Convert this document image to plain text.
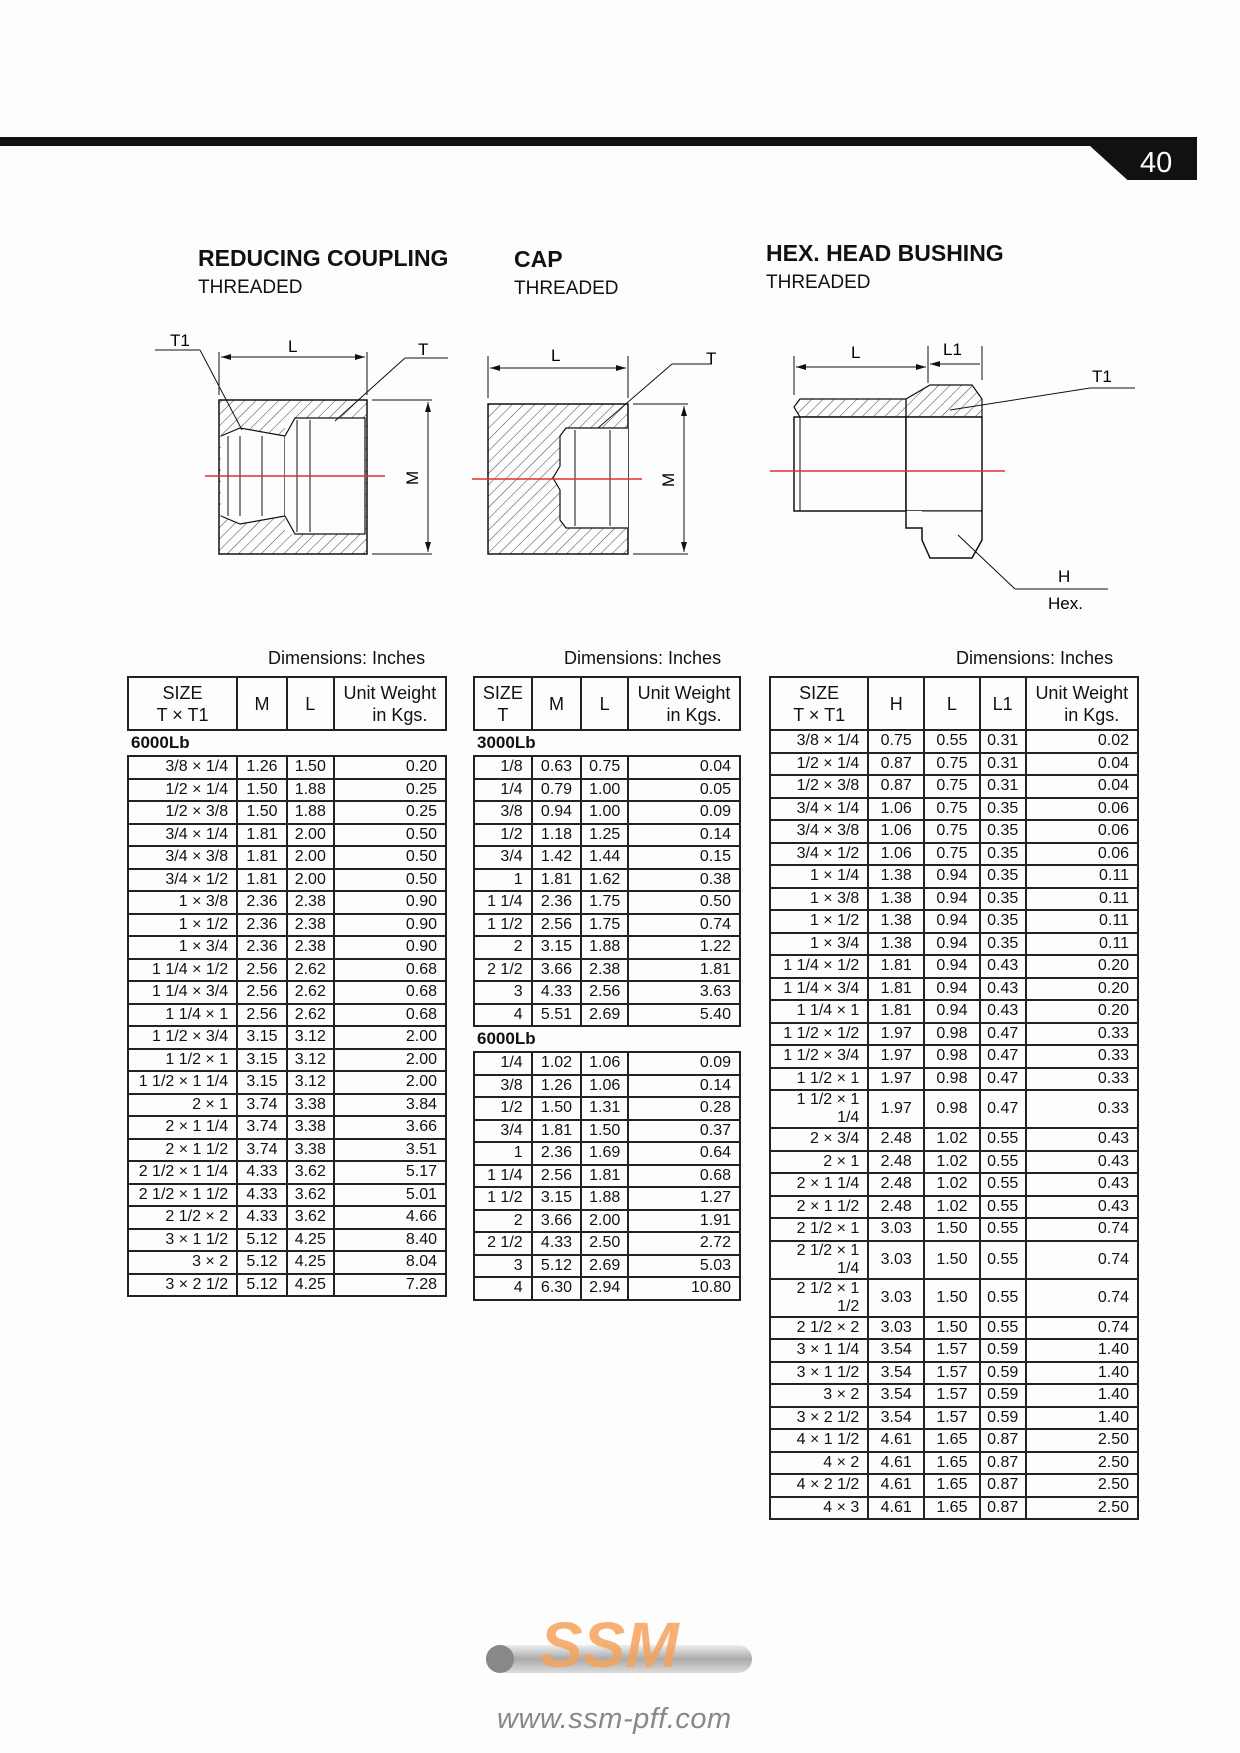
40
REDUCING COUPLING
THREADED
CAP
THREADED
HEX. HEAD BUSHING
THREADED
T1	L	T
M
L	T
M
L	L1
T1
H
Hex.
Dimensions: Inches	Dimensions: Inches	Dimensions: Inches
SIZE
T × T1	M	L	Unit Weight
in Kgs.
6000Lb			
3/8 × 1/4	1.26	1.50	0.20
1/2 × 1/4	1.50	1.88	0.25
1/2 × 3/8	1.50	1.88	0.25
3/4 × 1/4	1.81	2.00	0.50
3/4 × 3/8	1.81	2.00	0.50
3/4 × 1/2	1.81	2.00	0.50
1 × 3/8	2.36	2.38	0.90
1 × 1/2	2.36	2.38	0.90
1 × 3/4	2.36	2.38	0.90
1 1/4 × 1/2	2.56	2.62	0.68
1 1/4 × 3/4	2.56	2.62	0.68
1 1/4 × 1	2.56	2.62	0.68
1 1/2 × 3/4	3.15	3.12	2.00
1 1/2 × 1	3.15	3.12	2.00
1 1/2 × 1 1/4	3.15	3.12	2.00
2 × 1	3.74	3.38	3.84
2 × 1 1/4	3.74	3.38	3.66
2 × 1 1/2	3.74	3.38	3.51
2 1/2 × 1 1/4	4.33	3.62	5.17
2 1/2 × 1 1/2	4.33	3.62	5.01
2 1/2 × 2	4.33	3.62	4.66
3 × 1 1/2	5.12	4.25	8.40
3 × 2	5.12	4.25	8.04
3 × 2 1/2	5.12	4.25	7.28
SIZE
T	M	L	Unit Weight
in Kgs.
3000Lb			
1/8	0.63	0.75	0.04
1/4	0.79	1.00	0.05
3/8	0.94	1.00	0.09
1/2	1.18	1.25	0.14
3/4	1.42	1.44	0.15
1	1.81	1.62	0.38
1 1/4	2.36	1.75	0.50
1 1/2	2.56	1.75	0.74
2	3.15	1.88	1.22
2 1/2	3.66	2.38	1.81
3	4.33	2.56	3.63
4	5.51	2.69	5.40
6000Lb			
1/4	1.02	1.06	0.09
3/8	1.26	1.06	0.14
1/2	1.50	1.31	0.28
3/4	1.81	1.50	0.37
1	2.36	1.69	0.64
1 1/4	2.56	1.81	0.68
1 1/2	3.15	1.88	1.27
2	3.66	2.00	1.91
2 1/2	4.33	2.50	2.72
3	5.12	2.69	5.03
4	6.30	2.94	10.80
SIZE
T × T1	H	L	L1	Unit Weight
in Kgs.
3/8 × 1/4	0.75	0.55	0.31	0.02
1/2 × 1/4	0.87	0.75	0.31	0.04
1/2 × 3/8	0.87	0.75	0.31	0.04
3/4 × 1/4	1.06	0.75	0.35	0.06
3/4 × 3/8	1.06	0.75	0.35	0.06
3/4 × 1/2	1.06	0.75	0.35	0.06
1 × 1/4	1.38	0.94	0.35	0.11
1 × 3/8	1.38	0.94	0.35	0.11
1 × 1/2	1.38	0.94	0.35	0.11
1 × 3/4	1.38	0.94	0.35	0.11
1 1/4 × 1/2	1.81	0.94	0.43	0.20
1 1/4 × 3/4	1.81	0.94	0.43	0.20
1 1/4 × 1	1.81	0.94	0.43	0.20
1 1/2 × 1/2	1.97	0.98	0.47	0.33
1 1/2 × 3/4	1.97	0.98	0.47	0.33
1 1/2 × 1	1.97	0.98	0.47	0.33
1 1/2 × 1 1/4	1.97	0.98	0.47	0.33
2 × 3/4	2.48	1.02	0.55	0.43
2 × 1	2.48	1.02	0.55	0.43
2 × 1 1/4	2.48	1.02	0.55	0.43
2 × 1 1/2	2.48	1.02	0.55	0.43
2 1/2 × 1	3.03	1.50	0.55	0.74
2 1/2 × 1 1/4	3.03	1.50	0.55	0.74
2 1/2 × 1 1/2	3.03	1.50	0.55	0.74
2 1/2 × 2	3.03	1.50	0.55	0.74
3 × 1 1/4	3.54	1.57	0.59	1.40
3 × 1 1/2	3.54	1.57	0.59	1.40
3 × 2	3.54	1.57	0.59	1.40
3 × 2 1/2	3.54	1.57	0.59	1.40
4 × 1 1/2	4.61	1.65	0.87	2.50
4 × 2	4.61	1.65	0.87	2.50
4 × 2 1/2	4.61	1.65	0.87	2.50
4 × 3	4.61	1.65	0.87	2.50
SSM
www.ssm-pff.com
